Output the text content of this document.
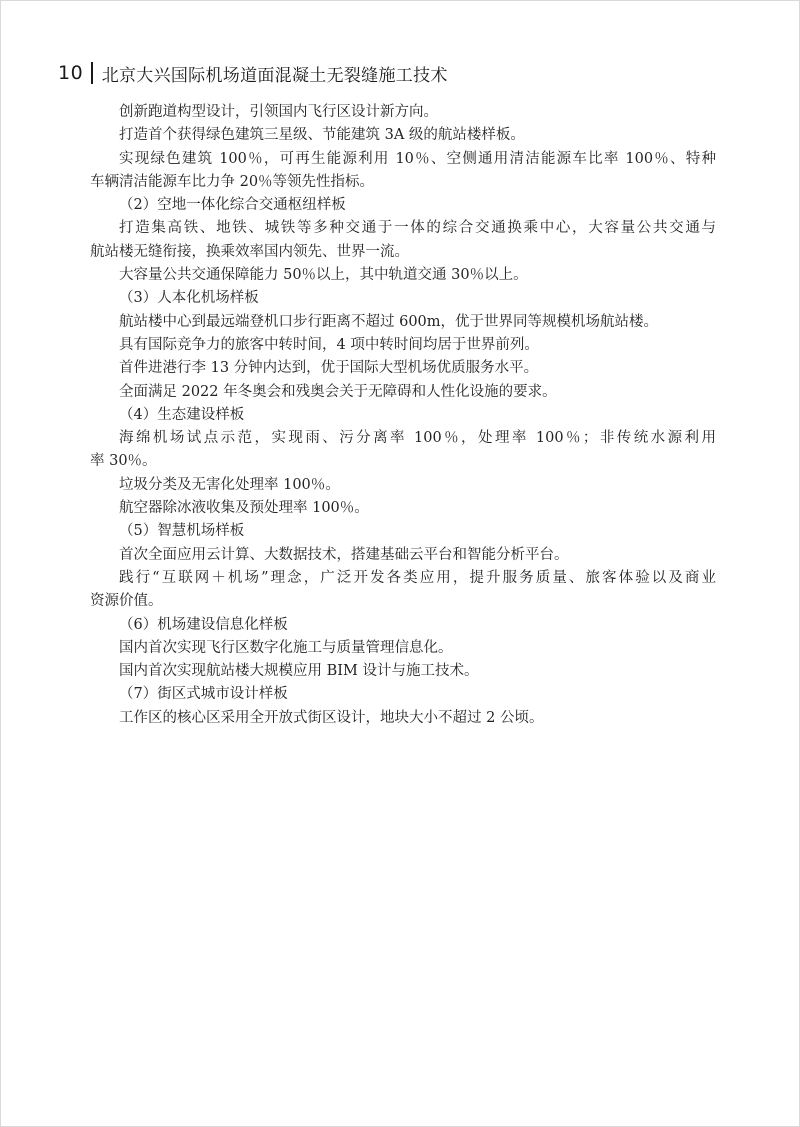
10 北京大兴国际机场道面混凝土无裂缝施工技术
创新跑道构型设计，引领国内飞行区设计新方向。
打造首个获得绿色建筑三星级、节能建筑 3A 级的航站楼样板。
实现绿色建筑 100％，可再生能源利用 10％、空侧通用清洁能源车比率 100％、特种
车辆清洁能源车比力争 20％等领先性指标。
（2）空地一体化综合交通枢纽样板
打造集高铁、地铁、城铁等多种交通于一体的综合交通换乘中心，大容量公共交通与
航站楼无缝衔接，换乘效率国内领先、世界一流。
大容量公共交通保障能力 50％以上，其中轨道交通 30％以上。
（3）人本化机场样板
航站楼中心到最远端登机口步行距离不超过 600m，优于世界同等规模机场航站楼。
具有国际竞争力的旅客中转时间，4 项中转时间均居于世界前列。
首件进港行李 13 分钟内达到，优于国际大型机场优质服务水平。
全面满足 2022 年冬奥会和残奥会关于无障碍和人性化设施的要求。
（4）生态建设样板
海绵机场试点示范，实现雨、污分离率 100％，处理率 100％；非传统水源利用
率 30％。
垃圾分类及无害化处理率 100％。
航空器除冰液收集及预处理率 100％。
（5）智慧机场样板
首次全面应用云计算、大数据技术，搭建基础云平台和智能分析平台。
践行“互联网＋机场”理念，广泛开发各类应用，提升服务质量、旅客体验以及商业
资源价值。
（6）机场建设信息化样板
国内首次实现飞行区数字化施工与质量管理信息化。
国内首次实现航站楼大规模应用 BIM 设计与施工技术。
（7）街区式城市设计样板
工作区的核心区采用全开放式街区设计，地块大小不超过 2 公顷。
